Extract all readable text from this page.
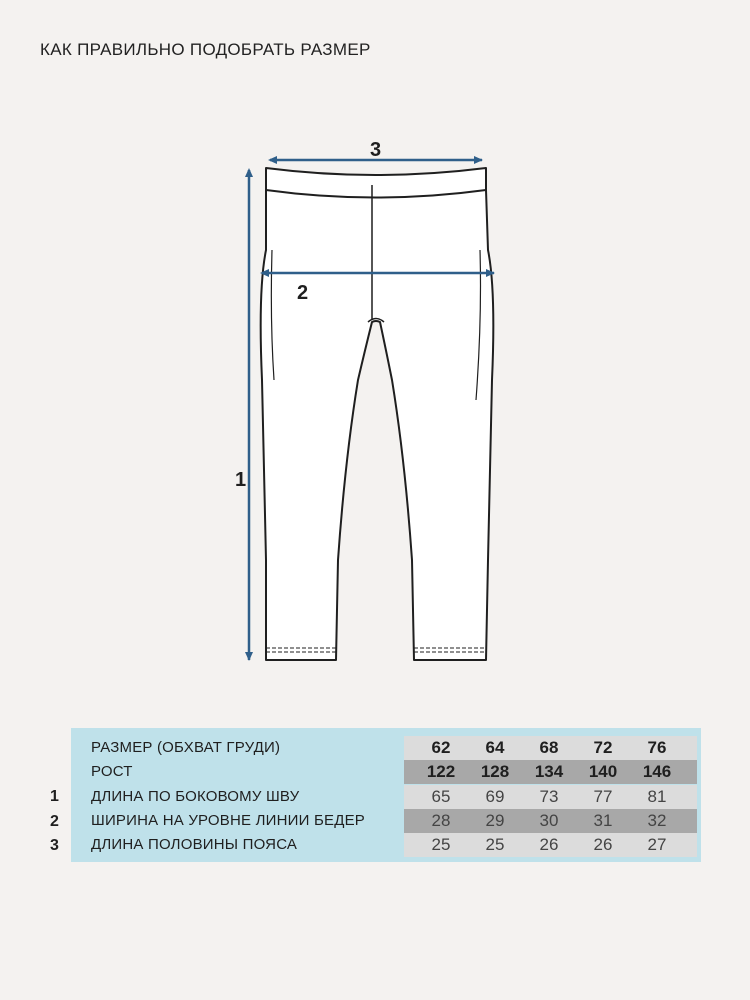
КАК ПРАВИЛЬНО ПОДОБРАТЬ РАЗМЕР
3
2
1
1
2
3
РАЗМЕР (ОБХВАТ ГРУДИ)	62	64	68	72	76
РОСТ	122	128	134	140	146
ДЛИНА ПО БОКОВОМУ ШВУ	65	69	73	77	81
ШИРИНА НА УРОВНЕ ЛИНИИ БЕДЕР	28	29	30	31	32
ДЛИНА ПОЛОВИНЫ ПОЯСА	25	25	26	26	27
